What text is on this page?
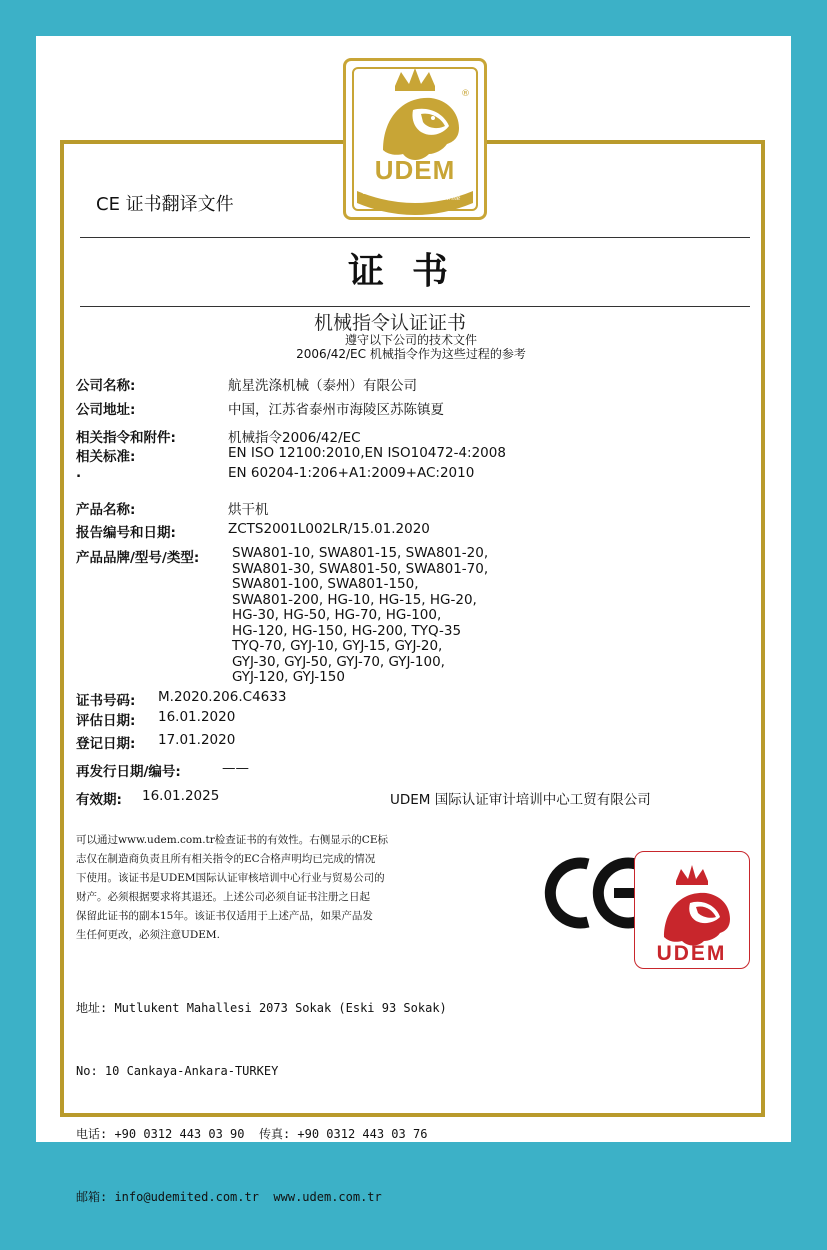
®
UDEM
Uluslararası
Belgelendirme
CE 证书翻译文件
证书
机械指令认证证书
遵守以下公司的技术文件
2006/42/EC 机械指令作为这些过程的参考
公司名称:	航星洗涤机械（泰州）有限公司
公司地址:	中国，江苏省泰州市海陵区苏陈镇夏
相关指令和附件:	机械指令2006/42/EC
相关标准:	EN ISO 12100:2010,EN ISO10472-4:2008
.	EN 60204-1:206+A1:2009+AC:2010
产品名称:	烘干机
报告编号和日期:	ZCTS2001L002LR/15.01.2020
产品品牌/型号/类型: SWA801-10, SWA801-15, SWA801-20,
SWA801-30, SWA801-50, SWA801-70,
SWA801-100, SWA801-150,
SWA801-200, HG-10, HG-15, HG-20,
HG-30, HG-50, HG-70, HG-100,
HG-120, HG-150, HG-200, TYQ-35
TYQ-70, GYJ-10, GYJ-15, GYJ-20,
GYJ-30, GYJ-50, GYJ-70, GYJ-100,
GYJ-120, GYJ-150
证书号码: M.2020.206.C4633
评估日期: 16.01.2020
登记日期: 17.01.2020
再发行日期/编号:	——
有效期: 16.01.2025	UDEM 国际认证审计培训中心工贸有限公司
可以通过www.udem.com.tr检查证书的有效性。右侧显示的CE标
志仅在制造商负责且所有相关指令的EC合格声明均已完成的情况
下使用。该证书是UDEM国际认证审核培训中心行业与贸易公司的
财产。必须根据要求将其退还。上述公司必须自证书注册之日起
保留此证书的副本15年。该证书仅适用于上述产品，如果产品发
生任何更改，必须注意UDEM.

地址: Mutlukent Mahallesi 2073 Sokak (Eski 93 Sokak)

No: 10 Cankaya-Ankara-TURKEY

电话: +90 0312 443 03 90  传真: +90 0312 443 03 76

邮箱: info@udemited.com.tr  www.udem.com.tr

UDEM
